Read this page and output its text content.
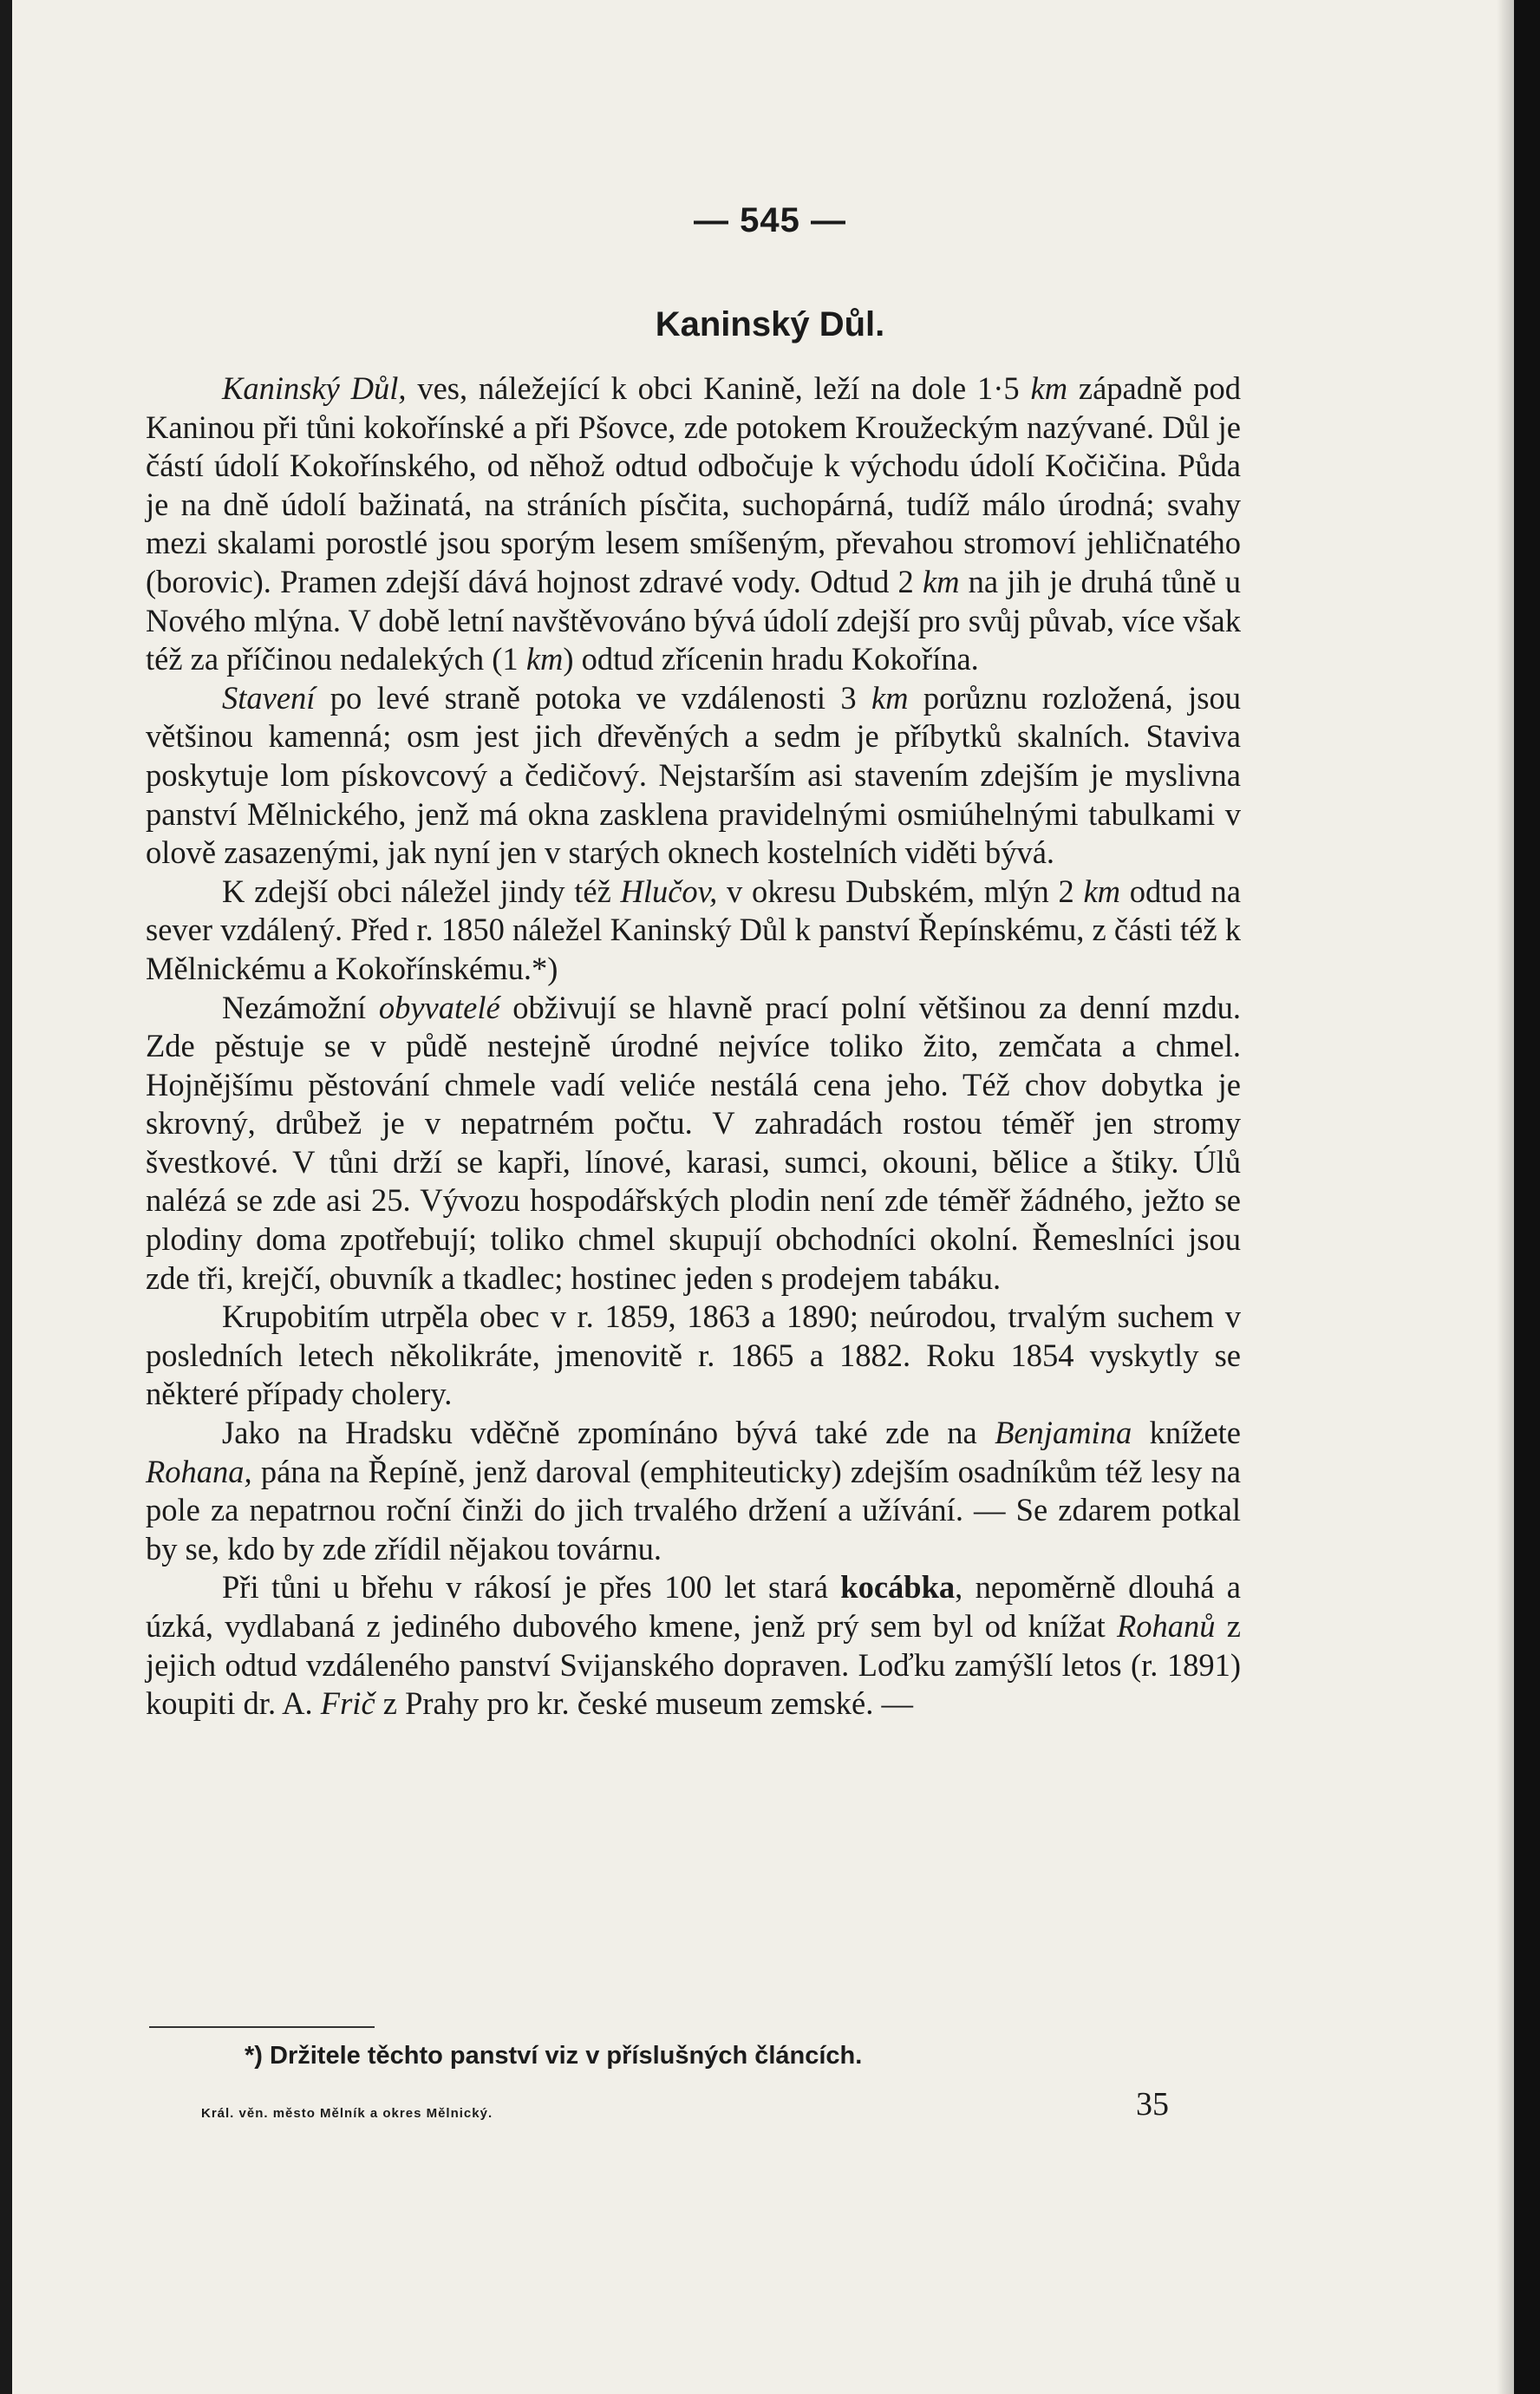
— 545 —
Kaninský Důl.

Kaninský Důl, ves, náležející k obci Kanině, leží na dole 1·5 km západně pod Kaninou při tůni kokořínské a při Pšovce, zde potokem Kroužeckým nazývané. Důl je částí údolí Kokořínského, od něhož odtud odbočuje k východu údolí Kočičina. Půda je na dně údolí bažinatá, na stráních písčita, suchopárná, tudíž málo úrodná; svahy mezi skalami porostlé jsou sporým lesem smíšeným, převahou stromoví jehličnatého (borovic). Pramen zdejší dává hojnost zdravé vody. Odtud 2 km na jih je druhá tůně u Nového mlýna. V době letní navštěvováno bývá údolí zdejší pro svůj půvab, více však též za příčinou nedalekých (1 km) odtud zřícenin hradu Kokořína.

Stavení po levé straně potoka ve vzdálenosti 3 km porůznu rozložená, jsou většinou kamenná; osm jest jich dřevěných a sedm je příbytků skalních. Staviva poskytuje lom pískovcový a čedičový. Nejstarším asi stavením zdejším je myslivna panství Mělnického, jenž má okna zasklena pravidelnými osmiúhelnými tabulkami v olově zasazenými, jak nyní jen v starých oknech kostelních viděti bývá.

K zdejší obci náležel jindy též Hlučov, v okresu Dubském, mlýn 2 km odtud na sever vzdálený. Před r. 1850 náležel Kaninský Důl k panství Řepínskému, z části též k Mělnickému a Kokořínskému.*)

Nezámožní obyvatelé obživují se hlavně prací polní většinou za denní mzdu. Zde pěstuje se v půdě nestejně úrodné nejvíce toliko žito, zemčata a chmel. Hojnějšímu pěstování chmele vadí veliće nestálá cena jeho. Též chov dobytka je skrovný, drůbež je v nepatrném počtu. V zahradách rostou téměř jen stromy švestkové. V tůni drží se kapři, línové, karasi, sumci, okouni, bělice a štiky. Úlů nalézá se zde asi 25. Vývozu hospodářských plodin není zde téměř žádného, ježto se plodiny doma zpotřebují; toliko chmel skupují obchodníci okolní. Řemeslníci jsou zde tři, krejčí, obuvník a tkadlec; hostinec jeden s prodejem tabáku.

Krupobitím utrpěla obec v r. 1859, 1863 a 1890; neúrodou, trvalým suchem v posledních letech několikráte, jmenovitě r. 1865 a 1882. Roku 1854 vyskytly se některé případy cholery.

Jako na Hradsku vděčně zpomínáno bývá také zde na Benjamina knížete Rohana, pána na Řepíně, jenž daroval (emphiteuticky) zdejším osadníkům též lesy na pole za nepatrnou roční činži do jich trvalého držení a užívání. — Se zdarem potkal by se, kdo by zde zřídil nějakou továrnu.

Při tůni u břehu v rákosí je přes 100 let stará kocábka, nepoměrně dlouhá a úzká, vydlabaná z jediného dubového kmene, jenž prý sem byl od knížat Rohanů z jejich odtud vzdáleného panství Svijanského dopraven. Loďku zamýšlí letos (r. 1891) koupiti dr. A. Frič z Prahy pro kr. české museum zemské. —

*) Držitele těchto panství viz v příslušných článcích.
Král. věn. město Mělník a okres Mělnický.	35
